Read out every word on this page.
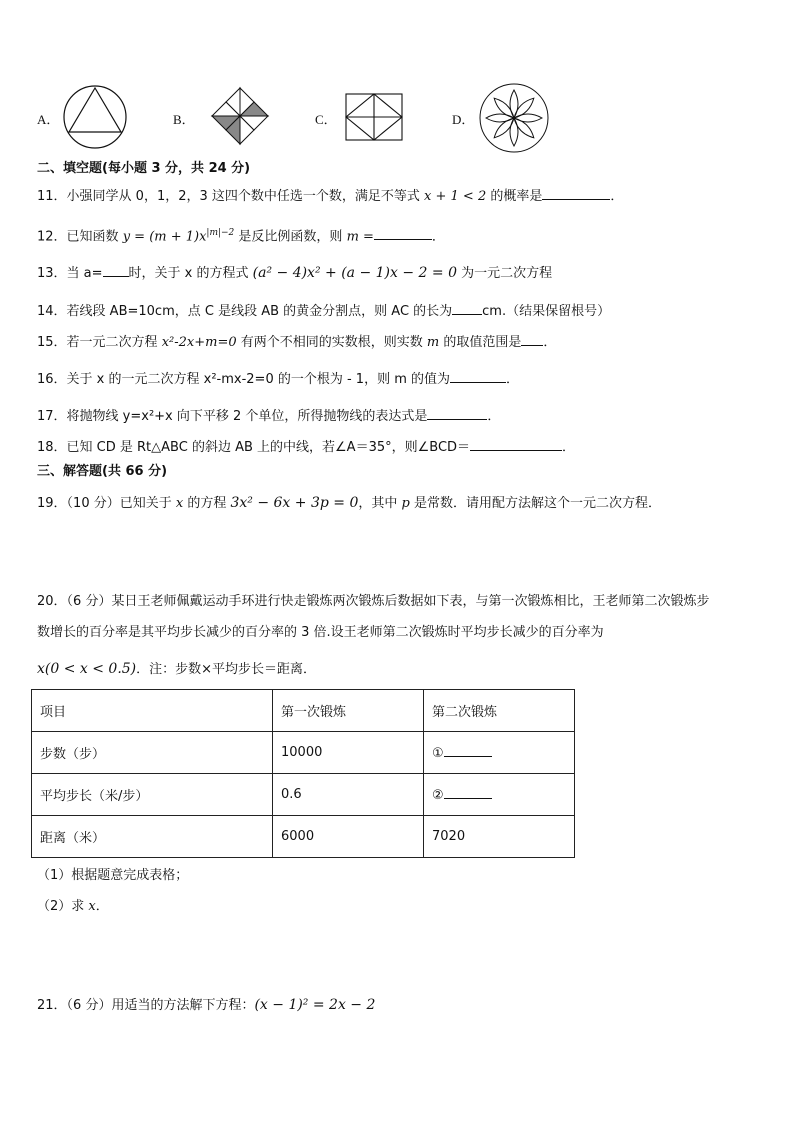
A．	B．	C．	D．
二、填空题(每小题 3 分，共 24 分)
11．小强同学从 0，1，2，3 这四个数中任选一个数，满足不等式 x + 1 < 2 的概率是	．
12．已知函数 $y = (m + 1)x^{|m|-2}$ 是反比例函数，则 m =	．
13．当 a= 时，关于 x 的方程式 (a² − 4)x² + (a − 1)x − 2 = 0 为一元二次方程
14．若线段 AB=10cm，点 C 是线段 AB 的黄金分割点，则 AC 的长为 cm.（结果保留根号）
15．若一元二次方程 x²-2x+m=0 有两个不相同的实数根，则实数 m 的取值范围是 ．
16．关于 x 的一元二次方程 x²-mx-2=0 的一个根为 - 1，则 m 的值为	．
17．将抛物线 y=x²+x 向下平移 2 个单位，所得抛物线的表达式是	．
18．已知 CD 是 Rt△ABC 的斜边 AB 上的中线，若∠A＝35°，则∠BCD＝	．
三、解答题(共 66 分)
19．（10 分）已知关于 x 的方程 3x² − 6x + 3p = 0，其中 p 是常数．请用配方法解这个一元二次方程．
20．（6 分）某日王老师佩戴运动手环进行快走锻炼两次锻炼后数据如下表，与第一次锻炼相比，王老师第二次锻炼步
数增长的百分率是其平均步长减少的百分率的 3 倍.设王老师第二次锻炼时平均步长减少的百分率为
x(0 < x < 0.5)．注：步数×平均步长＝距离．
项目	第一次锻炼	第二次锻炼
步数（步）	10000	①
平均步长（米/步）	0.6	②
距离（米）	6000	7020
（1）根据题意完成表格；
（2）求 x．
21．（6 分）用适当的方法解下方程：(x − 1)² = 2x − 2
